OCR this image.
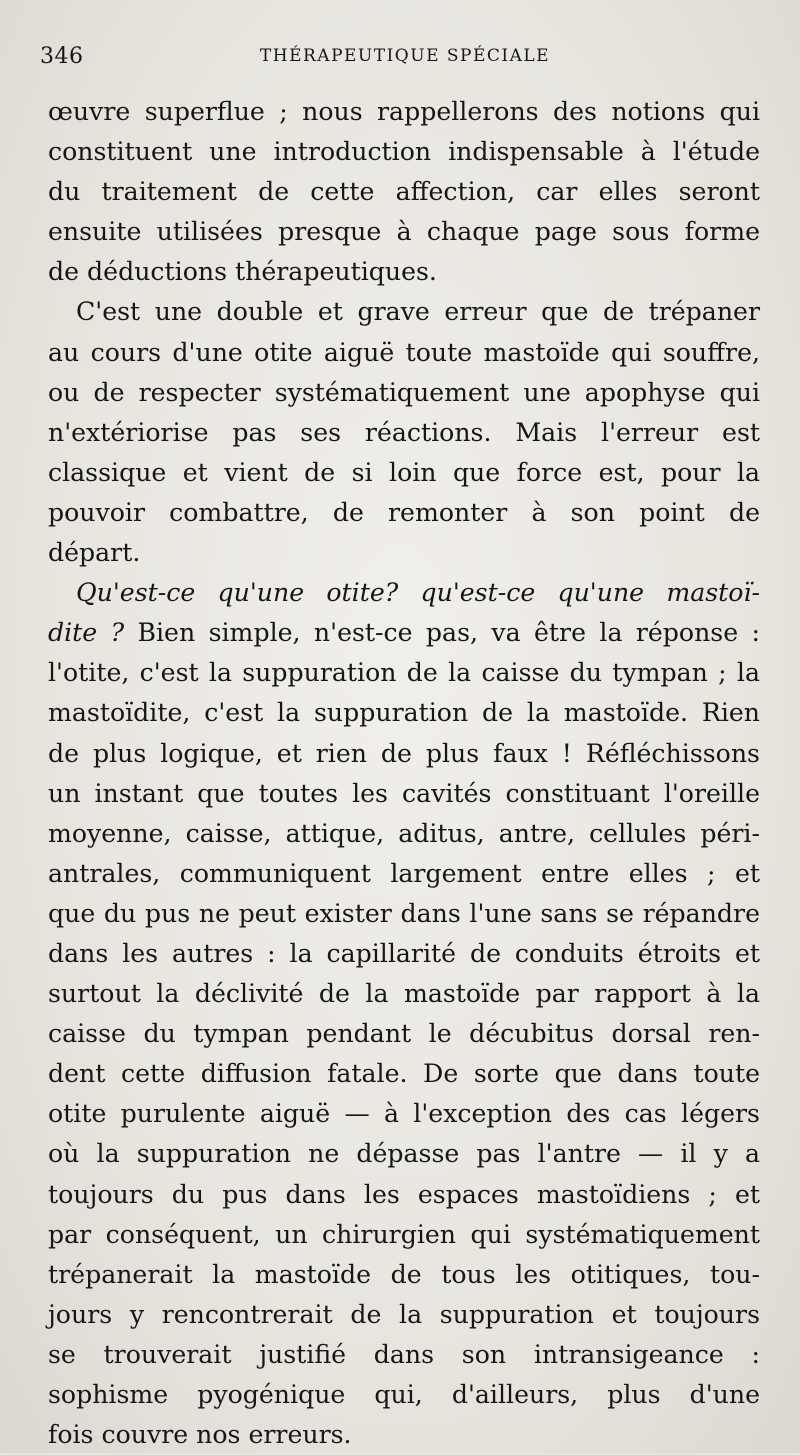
346	THÉRAPEUTIQUE SPÉCIALE
œuvre superflue ; nous rappellerons des notions qui
constituent une introduction indispensable à l'étude
du traitement de cette affection, car elles seront
ensuite utilisées presque à chaque page sous forme
de déductions thérapeutiques.
C'est une double et grave erreur que de trépaner
au cours d'une otite aiguë toute mastoïde qui souffre,
ou de respecter systématiquement une apophyse qui
n'extériorise pas ses réactions. Mais l'erreur est
classique et vient de si loin que force est, pour la
pouvoir combattre, de remonter à son point de
départ.
Qu'est-ce qu'une otite? qu'est-ce qu'une mastoï-
dite ? Bien simple, n'est-ce pas, va être la réponse :
l'otite, c'est la suppuration de la caisse du tympan ; la
mastoïdite, c'est la suppuration de la mastoïde. Rien
de plus logique, et rien de plus faux ! Réfléchissons
un instant que toutes les cavités constituant l'oreille
moyenne, caisse, attique, aditus, antre, cellules péri-
antrales, communiquent largement entre elles ; et
que du pus ne peut exister dans l'une sans se répandre
dans les autres : la capillarité de conduits étroits et
surtout la déclivité de la mastoïde par rapport à la
caisse du tympan pendant le décubitus dorsal ren-
dent cette diffusion fatale. De sorte que dans toute
otite purulente aiguë — à l'exception des cas légers
où la suppuration ne dépasse pas l'antre — il y a
toujours du pus dans les espaces mastoïdiens ; et
par conséquent, un chirurgien qui systématiquement
trépanerait la mastoïde de tous les otitiques, tou-
jours y rencontrerait de la suppuration et toujours
se trouverait justifié dans son intransigeance :
sophisme pyogénique qui, d'ailleurs, plus d'une
fois couvre nos erreurs.
